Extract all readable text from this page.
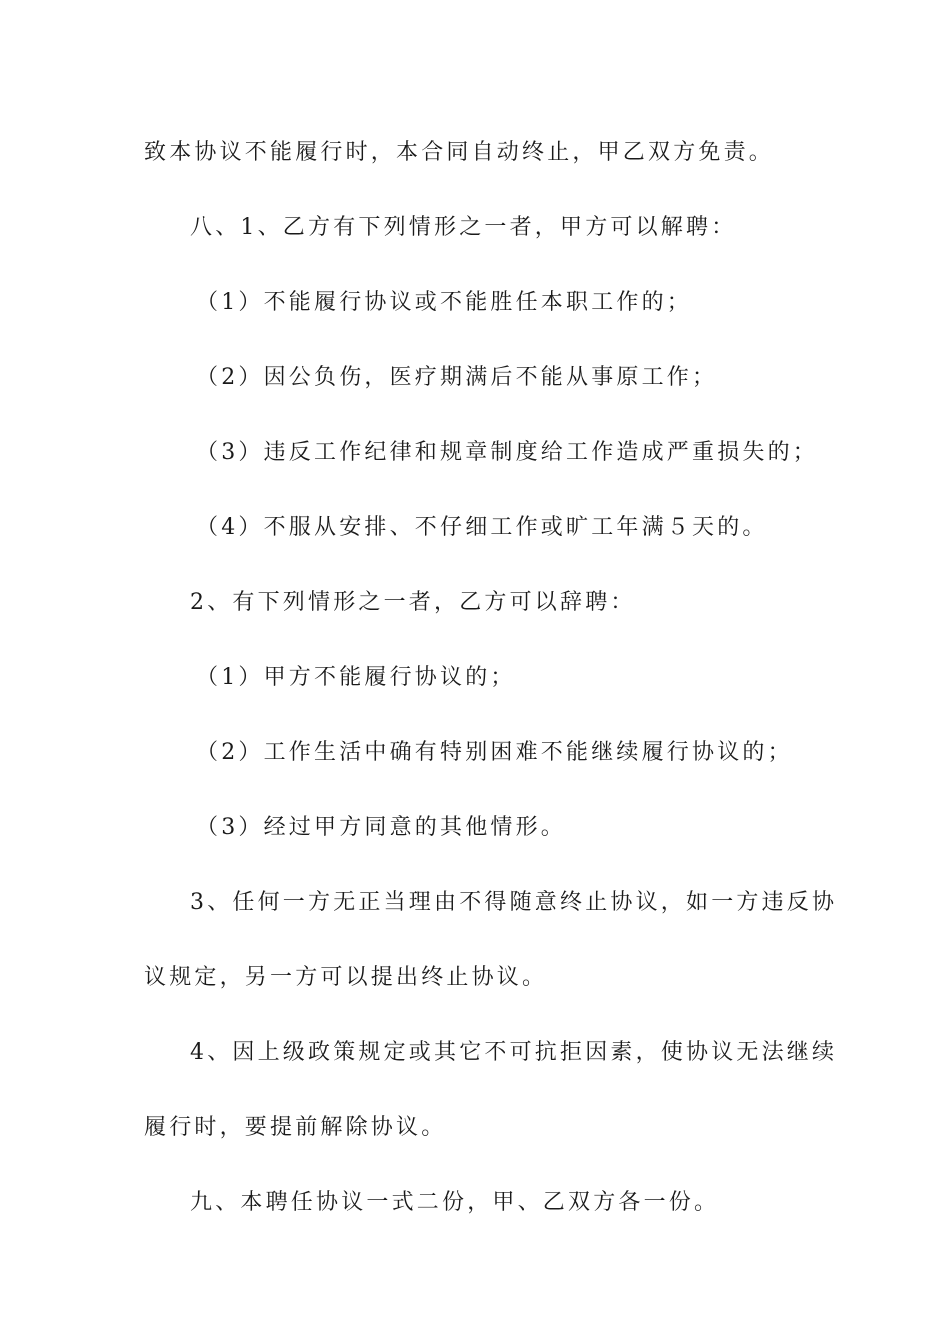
致本协议不能履行时，本合同自动终止，甲乙双方免责。
八、1、乙方有下列情形之一者，甲方可以解聘：
（1）不能履行协议或不能胜任本职工作的；
（2）因公负伤，医疗期满后不能从事原工作；
（3）违反工作纪律和规章制度给工作造成严重损失的；
（4）不服从安排、不仔细工作或旷工年满５天的。
2、有下列情形之一者，乙方可以辞聘：
（1）甲方不能履行协议的；
（2）工作生活中确有特别困难不能继续履行协议的；
（3）经过甲方同意的其他情形。
3、任何一方无正当理由不得随意终止协议，如一方违反协
议规定，另一方可以提出终止协议。
4、因上级政策规定或其它不可抗拒因素，使协议无法继续
履行时，要提前解除协议。
九、本聘任协议一式二份，甲、乙双方各一份。
